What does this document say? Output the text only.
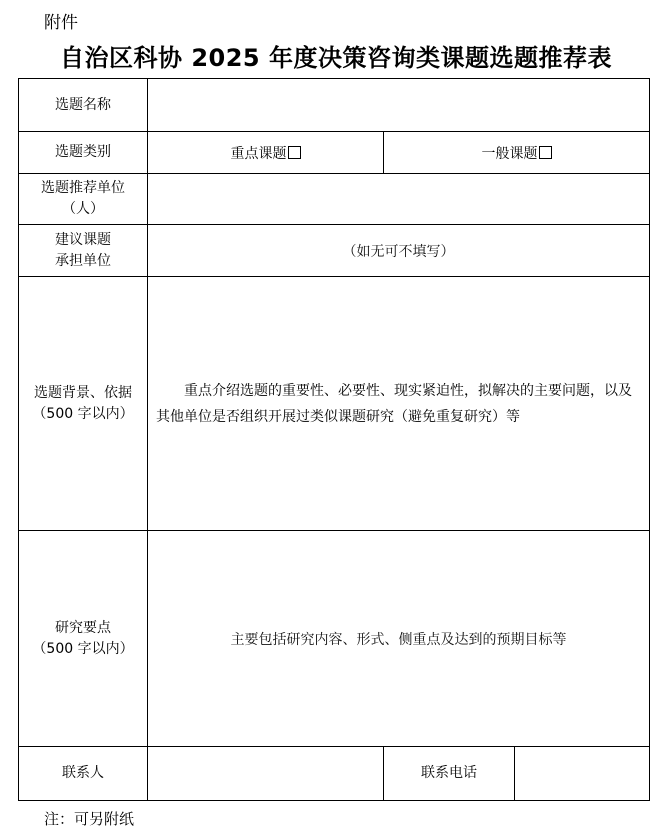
附件
自治区科协 2025 年度决策咨询类课题选题推荐表
选题名称			
选题类别	重点课题	一般课题	

选题推荐单位
（人）			

建议课题
承担单位	（如无可不填写）		

选题背景、依据
（500 字以内）	重点介绍选题的重要性、必要性、现实紧迫性，拟解决的主要问题，以及其他单位是否组织开展过类似课题研究（避免重复研究）等		

研究要点
（500 字以内）	主要包括研究内容、形式、侧重点及达到的预期目标等		
联系人		联系电话	
注：可另附纸
